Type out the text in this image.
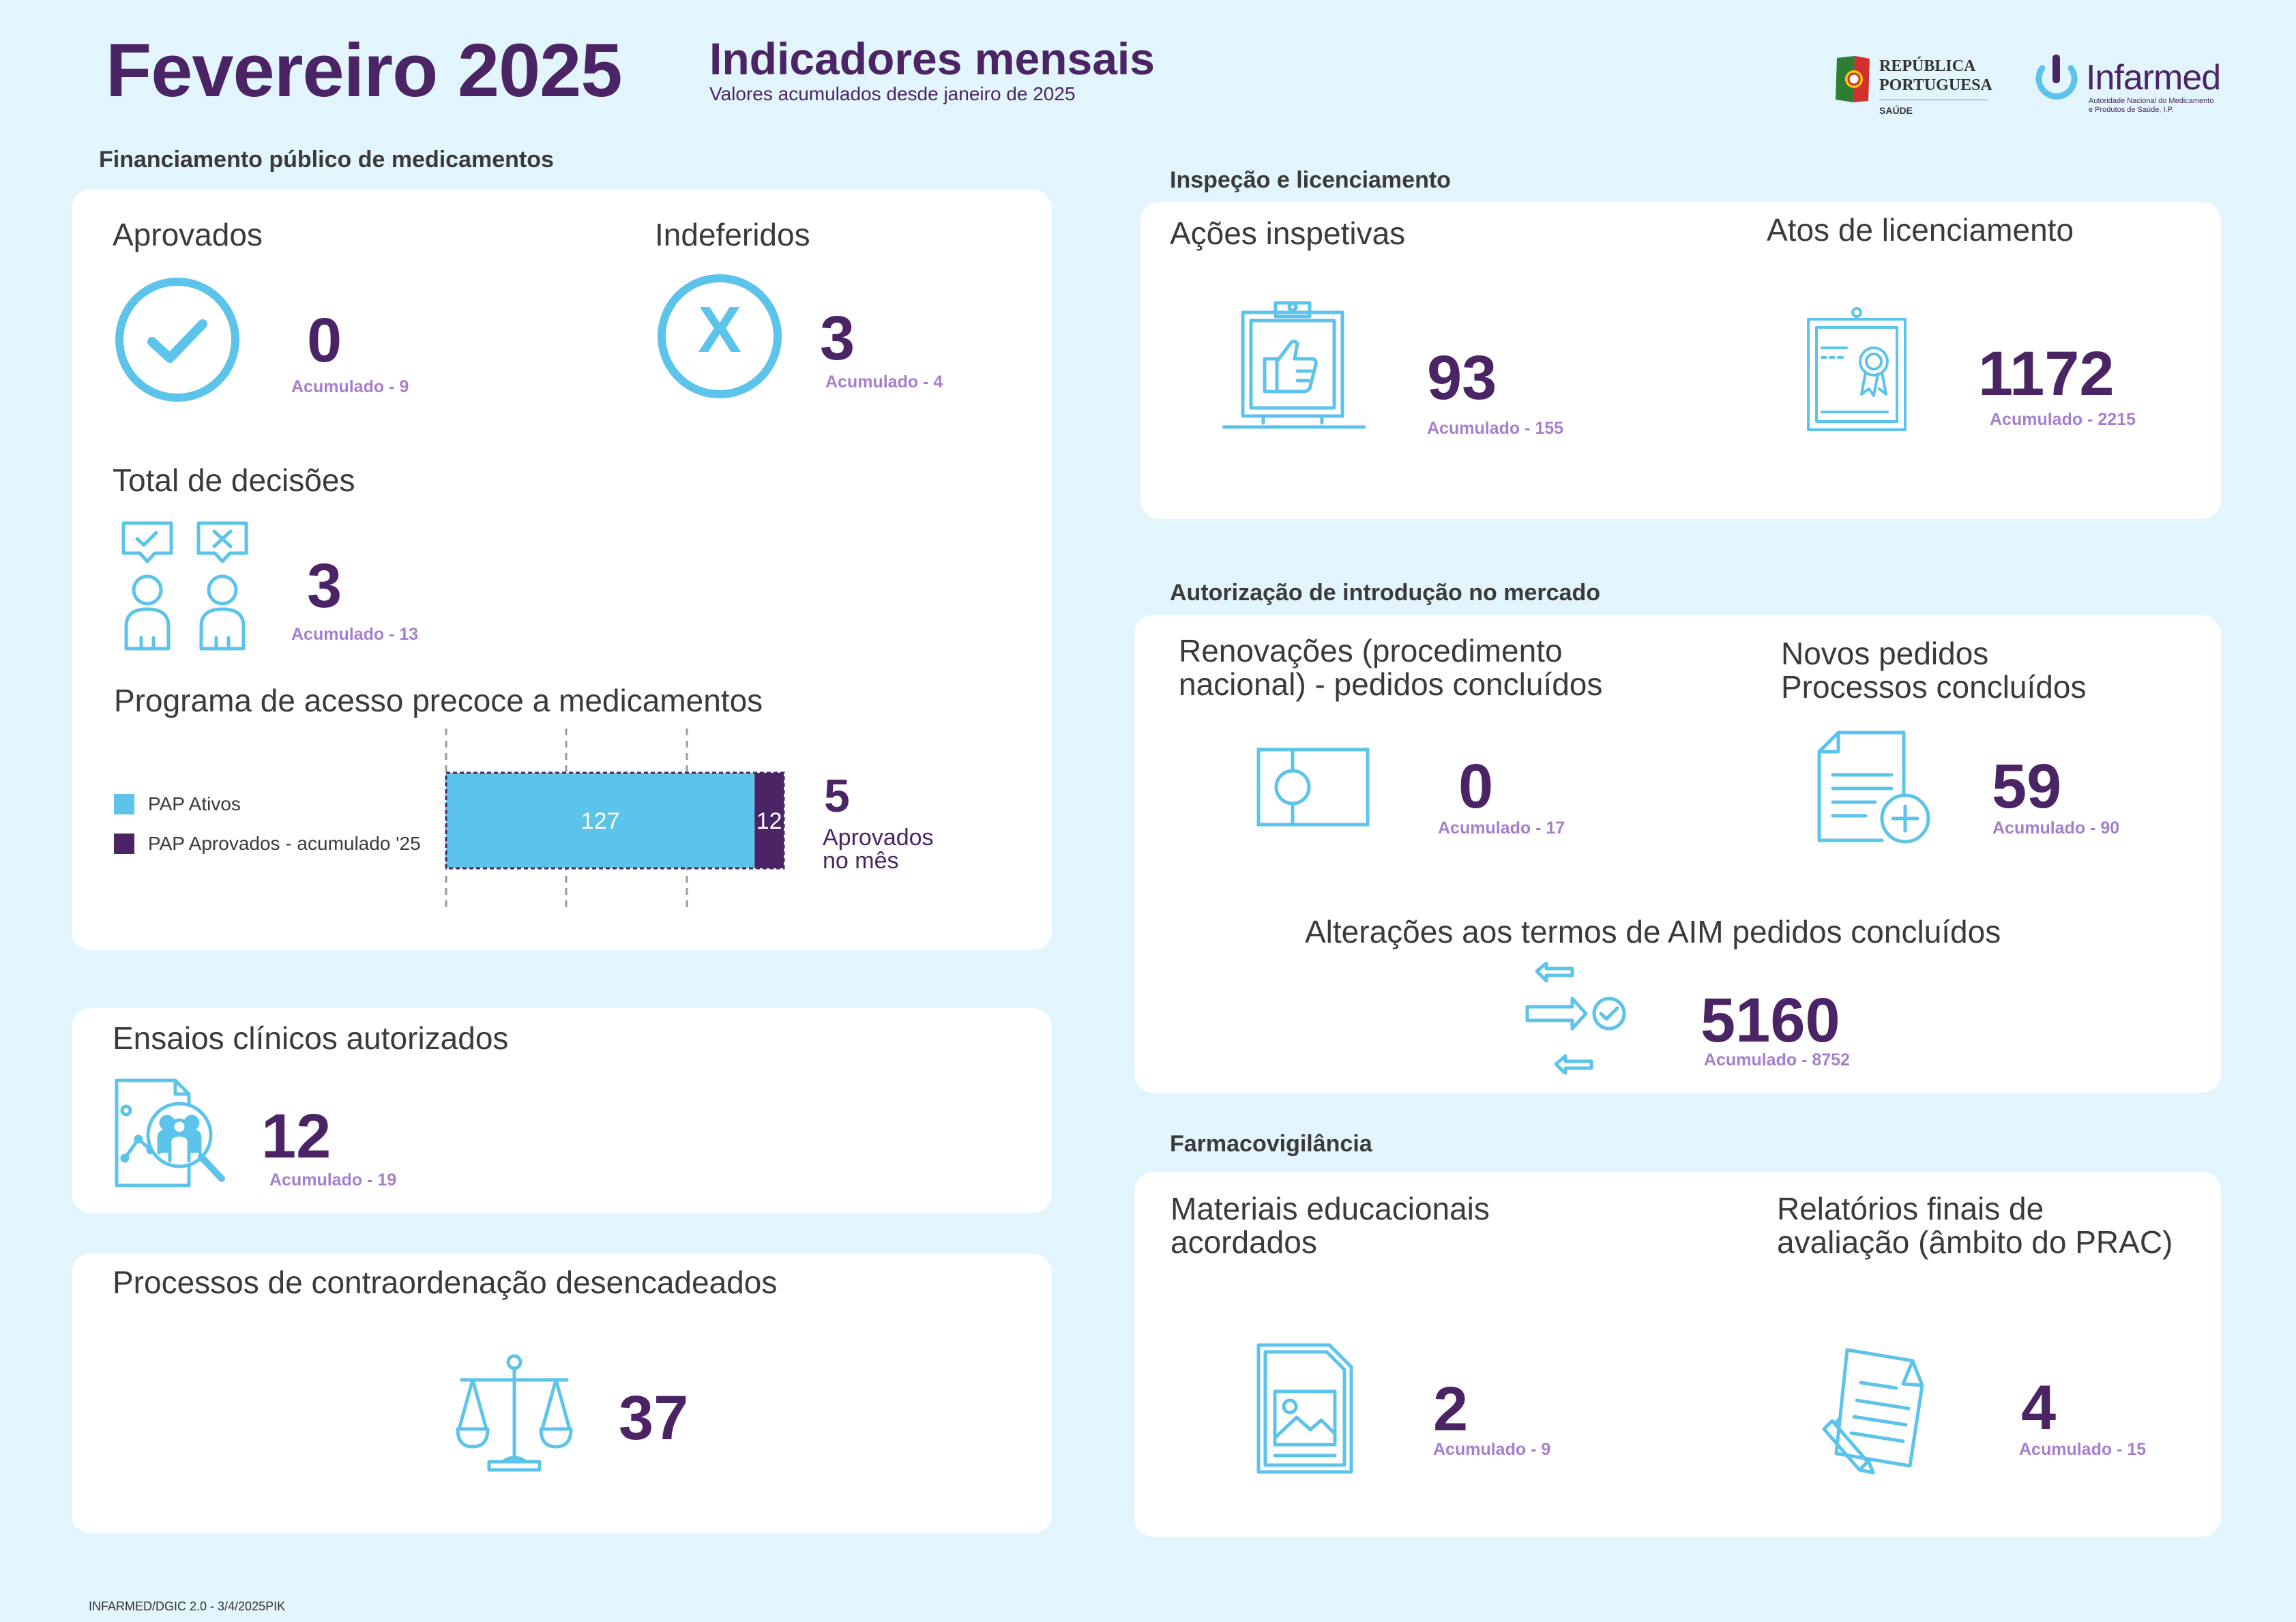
Fevereiro 2025 Indicadores mensais
Valores acumulados desde janeiro de 2025
REPÚBLICA
PORTUGUESA
SAÚDE
Infarmed
Autoridade Nacional do Medicamento
e Produtos de Saúde, I.P.
Financiamento público de medicamentos
Aprovados
0
Acumulado - 9
Indeferidos
X	3
Acumulado - 4
Total de decisões
3
Acumulado - 13
Programa de acesso precoce a medicamentos
PAP Ativos
PAP Aprovados - acumulado '25
127	12 5
Aprovados
no mês
Ensaios clínicos autorizados
12
Acumulado - 19
Processos de contraordenação desencadeados
37
Inspeção e licenciamento
Ações inspetivas
93
Acumulado - 155
Atos de licenciamento
1172
Acumulado - 2215
Autorização de introdução no mercado
Renovações (procedimento
nacional) - pedidos concluídos
0
Acumulado - 17
Novos pedidos
Processos concluídos
59
Acumulado - 90
Alterações aos termos de AIM pedidos concluídos
5160
Acumulado - 8752
Farmacovigilância
Materiais educacionais
acordados
2
Acumulado - 9
Relatórios finais de
avaliação (âmbito do PRAC)
4
Acumulado - 15
INFARMED/DGIC 2.0 - 3/4/2025PIK
